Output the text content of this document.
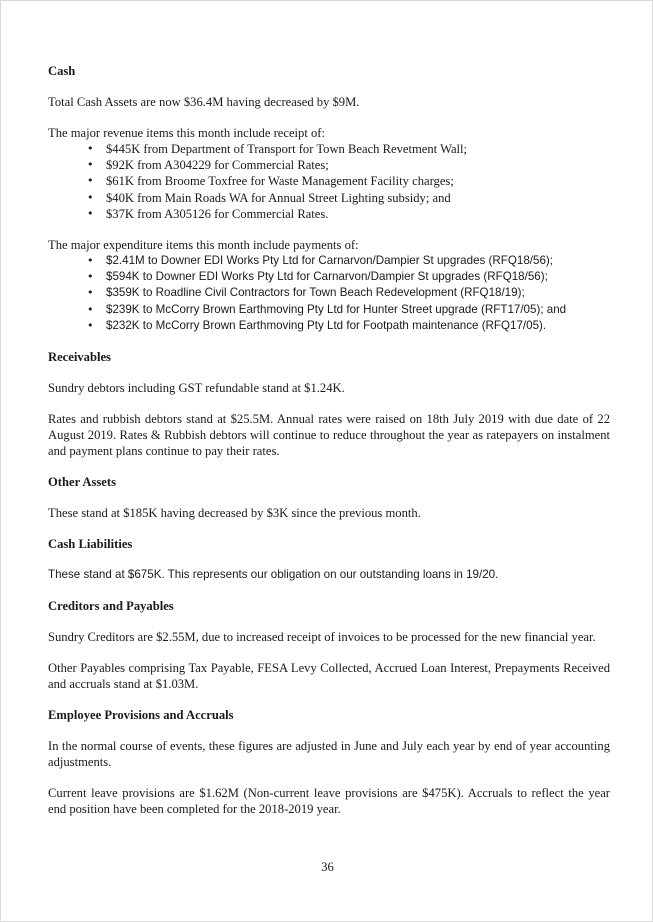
Cash

Total Cash Assets are now $36.4M having decreased by $9M.

The major revenue items this month include receipt of:

• $445K from Department of Transport for Town Beach Revetment Wall;
• $92K from A304229 for Commercial Rates;
• $61K from Broome Toxfree for Waste Management Facility charges;
• $40K from Main Roads WA for Annual Street Lighting subsidy; and
• $37K from A305126 for Commercial Rates.

The major expenditure items this month include payments of:

• $2.41M to Downer EDI Works Pty Ltd for Carnarvon/Dampier St upgrades (RFQ18/56);
• $594K to Downer EDI Works Pty Ltd for Carnarvon/Dampier St upgrades (RFQ18/56);
• $359K to Roadline Civil Contractors for Town Beach Redevelopment (RFQ18/19);
• $239K to McCorry Brown Earthmoving Pty Ltd for Hunter Street upgrade (RFT17/05); and
• $232K to McCorry Brown Earthmoving Pty Ltd for Footpath maintenance (RFQ17/05).
Receivables

Sundry debtors including GST refundable stand at $1.24K.

Rates and rubbish debtors stand at $25.5M. Annual rates were raised on 18th July 2019 with due date of 22 August 2019. Rates & Rubbish debtors will continue to reduce throughout the year as ratepayers on instalment and payment plans continue to pay their rates.

Other Assets

These stand at $185K having decreased by $3K since the previous month.

Cash Liabilities

These stand at $675K. This represents our obligation on our outstanding loans in 19/20.

Creditors and Payables

Sundry Creditors are $2.55M, due to increased receipt of invoices to be processed for the new financial year.

Other Payables comprising Tax Payable, FESA Levy Collected, Accrued Loan Interest, Prepayments Received and accruals stand at $1.03M.

Employee Provisions and Accruals

In the normal course of events, these figures are adjusted in June and July each year by end of year accounting adjustments.

Current leave provisions are $1.62M (Non-current leave provisions are $475K). Accruals to reflect the year end position have been completed for the 2018-2019 year.

36
